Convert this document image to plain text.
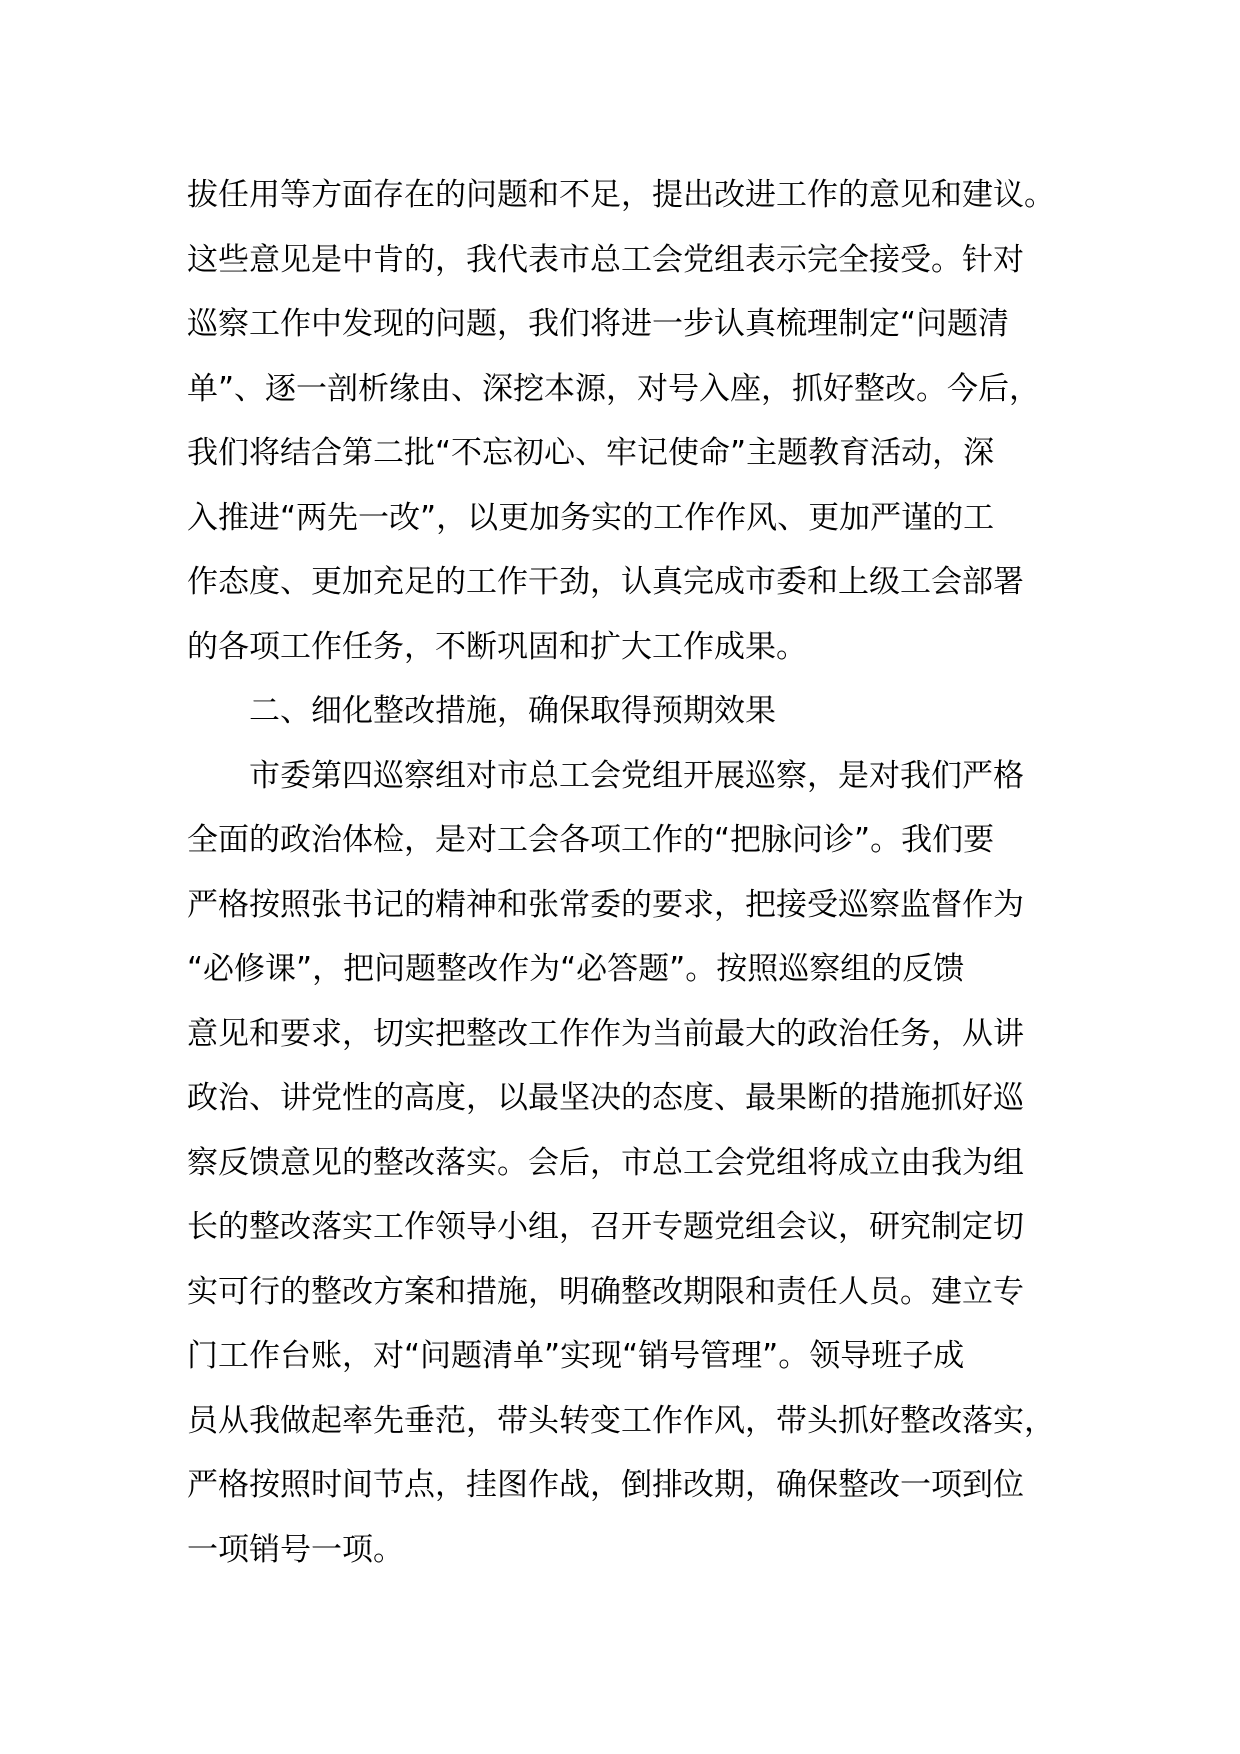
拔任用等方面存在的问题和不足，提出改进工作的意见和建议。
这些意见是中肯的，我代表市总工会党组表示完全接受。针对
巡察工作中发现的问题，我们将进一步认真梳理制定“问题清
单”、逐一剖析缘由、深挖本源，对号入座，抓好整改。今后，
我们将结合第二批“不忘初心、牢记使命”主题教育活动，深
入推进“两先一改”，以更加务实的工作作风、更加严谨的工
作态度、更加充足的工作干劲，认真完成市委和上级工会部署
的各项工作任务，不断巩固和扩大工作成果。
二、细化整改措施，确保取得预期效果
市委第四巡察组对市总工会党组开展巡察，是对我们严格
全面的政治体检，是对工会各项工作的“把脉问诊”。我们要
严格按照张书记的精神和张常委的要求，把接受巡察监督作为
“必修课”，把问题整改作为“必答题”。按照巡察组的反馈
意见和要求，切实把整改工作作为当前最大的政治任务，从讲
政治、讲党性的高度，以最坚决的态度、最果断的措施抓好巡
察反馈意见的整改落实。会后，市总工会党组将成立由我为组
长的整改落实工作领导小组，召开专题党组会议，研究制定切
实可行的整改方案和措施，明确整改期限和责任人员。建立专
门工作台账，对“问题清单”实现“销号管理”。领导班子成
员从我做起率先垂范，带头转变工作作风，带头抓好整改落实，
严格按照时间节点，挂图作战，倒排改期，确保整改一项到位
一项销号一项。
